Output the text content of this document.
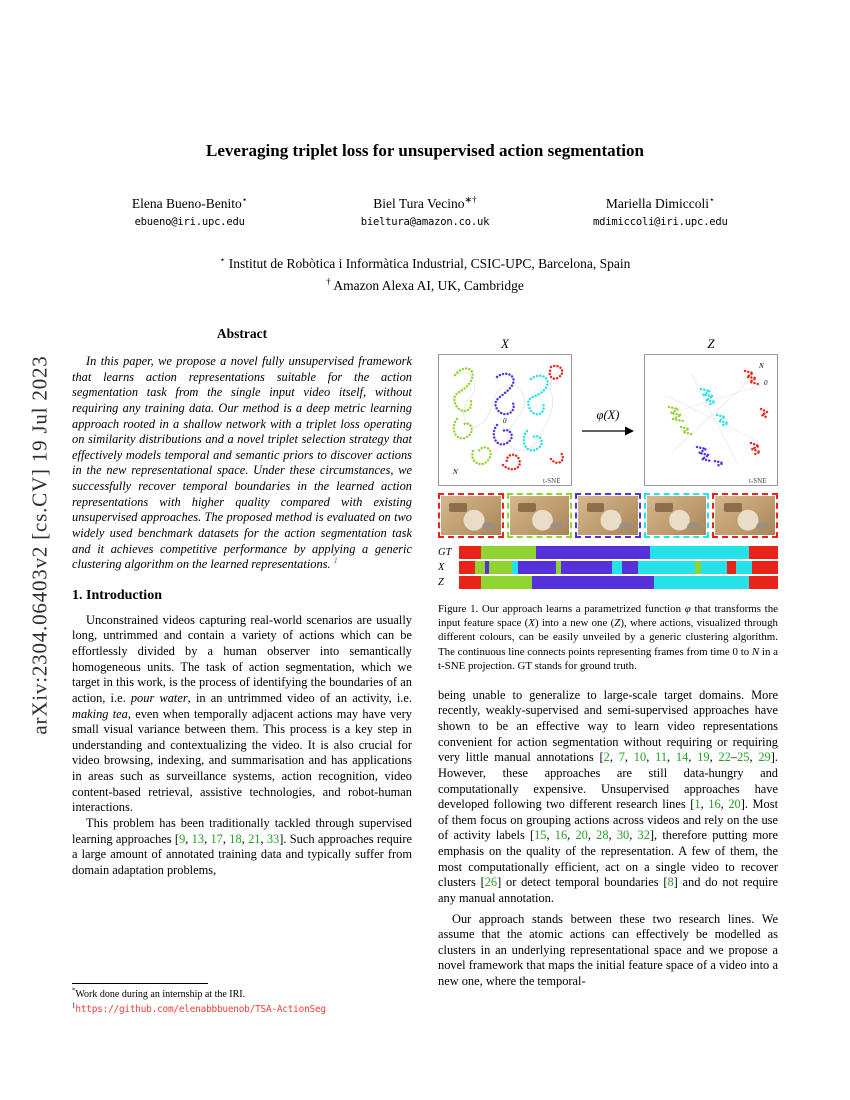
arXiv:2304.06403v2 [cs.CV] 19 Jul 2023
Leveraging triplet loss for unsupervised action segmentation
Elena Bueno-Benito⋆
ebueno@iri.upc.edu
Biel Tura Vecino∗†
bieltura@amazon.co.uk
Mariella Dimiccoli⋆
mdimiccoli@iri.upc.edu
⋆ Institut de Robòtica i Informàtica Industrial, CSIC-UPC, Barcelona, Spain
† Amazon Alexa AI, UK, Cambridge
Abstract
In this paper, we propose a novel fully unsupervised framework that learns action representations suitable for the action segmentation task from the single input video itself, without requiring any training data. Our method is a deep metric learning approach rooted in a shallow network with a triplet loss operating on similarity distributions and a novel triplet selection strategy that effectively models temporal and semantic priors to discover actions in the new representational space. Under these circumstances, we successfully recover temporal boundaries in the learned action representations with higher quality compared with existing unsupervised approaches. The proposed method is evaluated on two widely used benchmark datasets for the action segmentation task and it achieves competitive performance by applying a generic clustering algorithm on the learned representations. $^1$
1. Introduction
Unconstrained videos capturing real-world scenarios are usually long, untrimmed and contain a variety of actions which can be effortlessly divided by a human observer into semantically homogeneous units. The task of action segmentation, which we target in this work, is the process of identifying the boundaries of an action, i.e. pour water, in an untrimmed video of an activity, i.e. making tea, even when temporally adjacent actions may have very small visual variance between them. This process is a key step in understanding and contextualizing the video. It is also crucial for video browsing, indexing, and summarisation and has applications in areas such as surveillance systems, action recognition, video content-based retrieval, assistive technologies, and robot-human interactions.
This problem has been traditionally tackled through supervised learning approaches [9, 13, 17, 18, 21, 33]. Such approaches require a large amount of annotated training data and typically suffer from domain adaptation problems,
X
0
N
t-SNE
φ(X)
Z
N
0
t-SNE
GT
X
Z
Figure 1. Our approach learns a parametrized function φ that transforms the input feature space (X) into a new one (Z), where actions, visualized through different colours, can be easily unveiled by a generic clustering algorithm. The continuous line connects points representing frames from time 0 to N in a t-SNE projection. GT stands for ground truth.
being unable to generalize to large-scale target domains. More recently, weakly-supervised and semi-supervised approaches have shown to be an effective way to learn video representations convenient for action segmentation without requiring or requiring very little manual annotations [2, 7, 10, 11, 14, 19, 22–25, 29]. However, these approaches are still data-hungry and computationally expensive. Unsupervised approaches have developed following two different research lines [1, 16, 20]. Most of them focus on grouping actions across videos and rely on the use of activity labels [15, 16, 20, 28, 30, 32], therefore putting more emphasis on the quality of the representation. A few of them, the most computationally efficient, act on a single video to recover clusters [26] or detect temporal boundaries [8] and do not require any manual annotation.
Our approach stands between these two research lines. We assume that the atomic actions can effectively be modelled as clusters in an underlying representational space and we propose a novel framework that maps the initial feature space of a video into a new one, where the temporal-
*Work done during an internship at the IRI.
$^1$https://github.com/elenabbbuenob/TSA-ActionSeg
